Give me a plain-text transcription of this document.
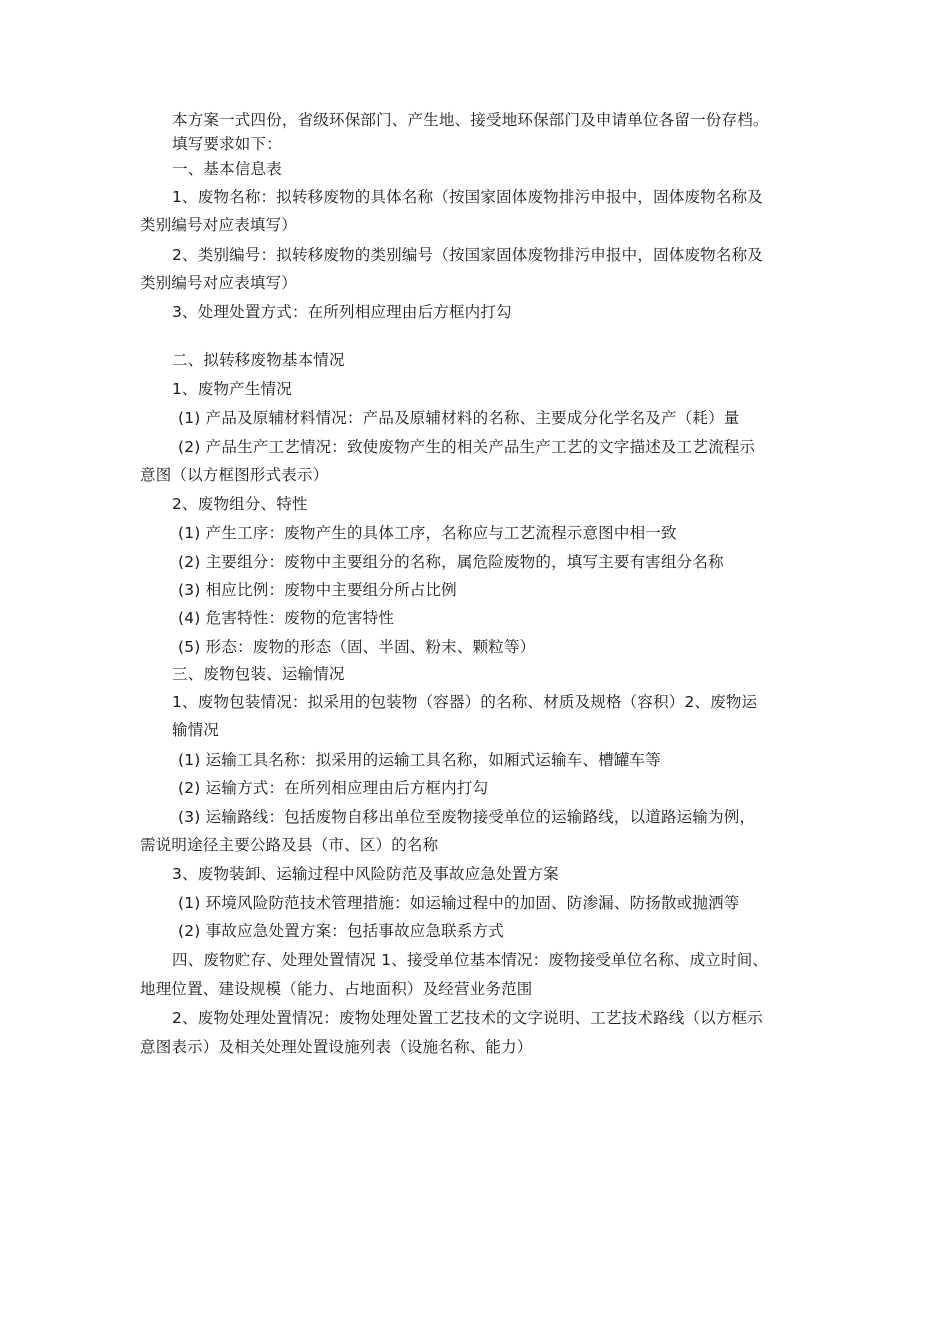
本方案一式四份，省级环保部门、产生地、接受地环保部门及申请单位各留一份存档。
填写要求如下：
一、基本信息表
1、废物名称：拟转移废物的具体名称（按国家固体废物排污申报中，固体废物名称及
类别编号对应表填写）
2、类别编号：拟转移废物的类别编号（按国家固体废物排污申报中，固体废物名称及
类别编号对应表填写）
3、处理处置方式：在所列相应理由后方框内打勾
二、拟转移废物基本情况
1、废物产生情况
(1) 产品及原辅材料情况：产品及原辅材料的名称、主要成分化学名及产（耗）量
(2) 产品生产工艺情况：致使废物产生的相关产品生产工艺的文字描述及工艺流程示
意图（以方框图形式表示）
2、废物组分、特性
(1) 产生工序：废物产生的具体工序，名称应与工艺流程示意图中相一致
(2) 主要组分：废物中主要组分的名称，属危险废物的，填写主要有害组分名称
(3) 相应比例：废物中主要组分所占比例
(4) 危害特性：废物的危害特性
(5) 形态：废物的形态（固、半固、粉末、颗粒等）
三、废物包装、运输情况
1、废物包装情况：拟采用的包装物（容器）的名称、材质及规格（容积）2、废物运
输情况
(1) 运输工具名称：拟采用的运输工具名称，如厢式运输车、槽罐车等
(2) 运输方式：在所列相应理由后方框内打勾
(3) 运输路线：包括废物自移出单位至废物接受单位的运输路线，以道路运输为例，
需说明途径主要公路及县（市、区）的名称
3、废物装卸、运输过程中风险防范及事故应急处置方案
(1) 环境风险防范技术管理措施：如运输过程中的加固、防渗漏、防扬散或抛洒等
(2) 事故应急处置方案：包括事故应急联系方式
四、废物贮存、处理处置情况 1、接受单位基本情况：废物接受单位名称、成立时间、
地理位置、建设规模（能力、占地面积）及经营业务范围
2、废物处理处置情况：废物处理处置工艺技术的文字说明、工艺技术路线（以方框示
意图表示）及相关处理处置设施列表（设施名称、能力）
